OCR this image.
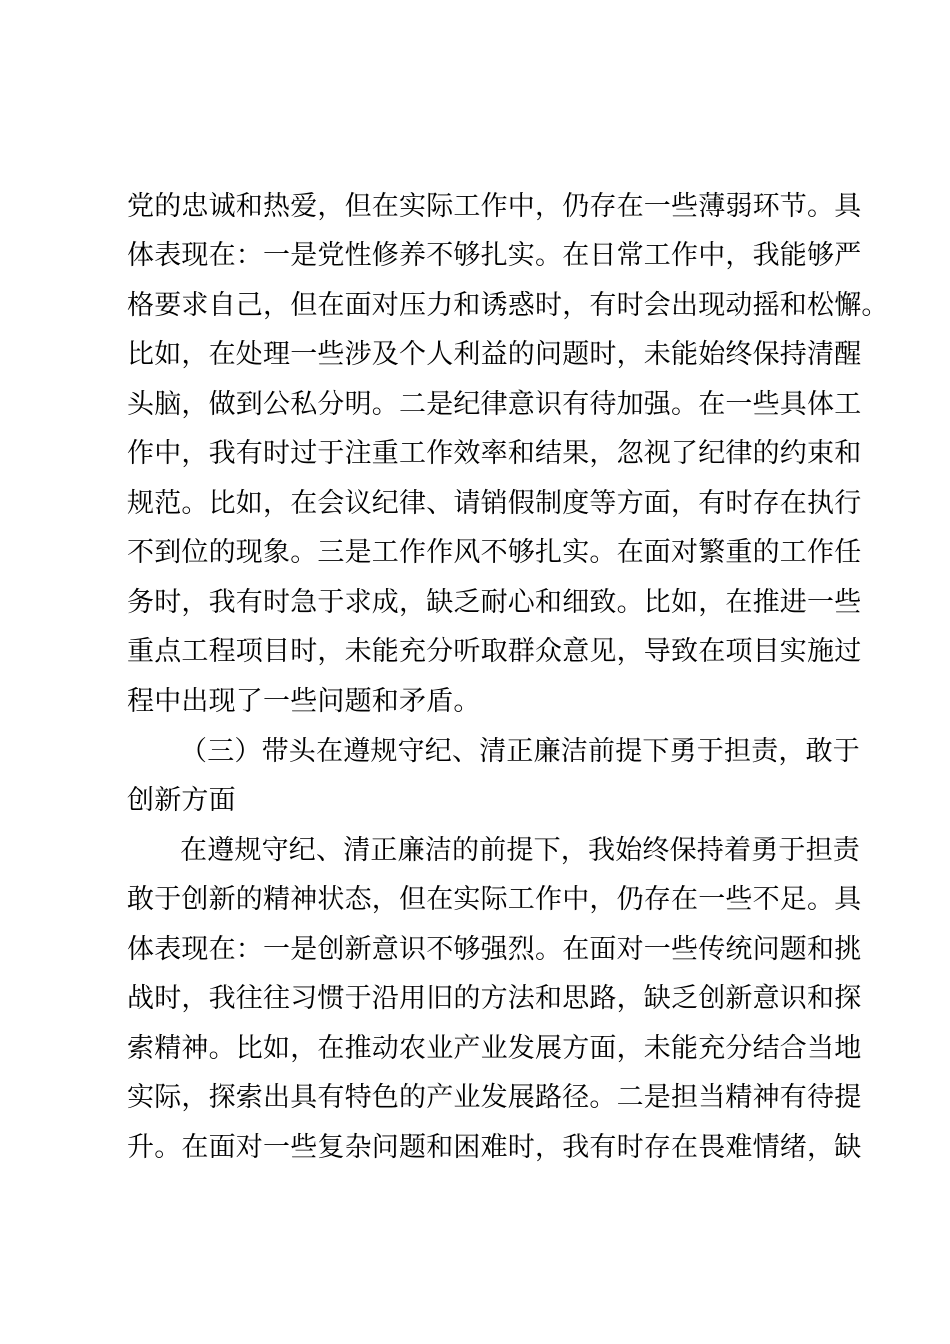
党的忠诚和热爱，但在实际工作中，仍存在一些薄弱环节。具
体表现在：一是党性修养不够扎实。在日常工作中，我能够严
格要求自己，但在面对压力和诱惑时，有时会出现动摇和松懈。
比如，在处理一些涉及个人利益的问题时，未能始终保持清醒
头脑，做到公私分明。二是纪律意识有待加强。在一些具体工
作中，我有时过于注重工作效率和结果，忽视了纪律的约束和
规范。比如，在会议纪律、请销假制度等方面，有时存在执行
不到位的现象。三是工作作风不够扎实。在面对繁重的工作任
务时，我有时急于求成，缺乏耐心和细致。比如，在推进一些
重点工程项目时，未能充分听取群众意见，导致在项目实施过
程中出现了一些问题和矛盾。
（三）带头在遵规守纪、清正廉洁前提下勇于担责，敢于
创新方面
在遵规守纪、清正廉洁的前提下，我始终保持着勇于担责
敢于创新的精神状态，但在实际工作中，仍存在一些不足。具
体表现在：一是创新意识不够强烈。在面对一些传统问题和挑
战时，我往往习惯于沿用旧的方法和思路，缺乏创新意识和探
索精神。比如，在推动农业产业发展方面，未能充分结合当地
实际，探索出具有特色的产业发展路径。二是担当精神有待提
升。在面对一些复杂问题和困难时，我有时存在畏难情绪，缺
